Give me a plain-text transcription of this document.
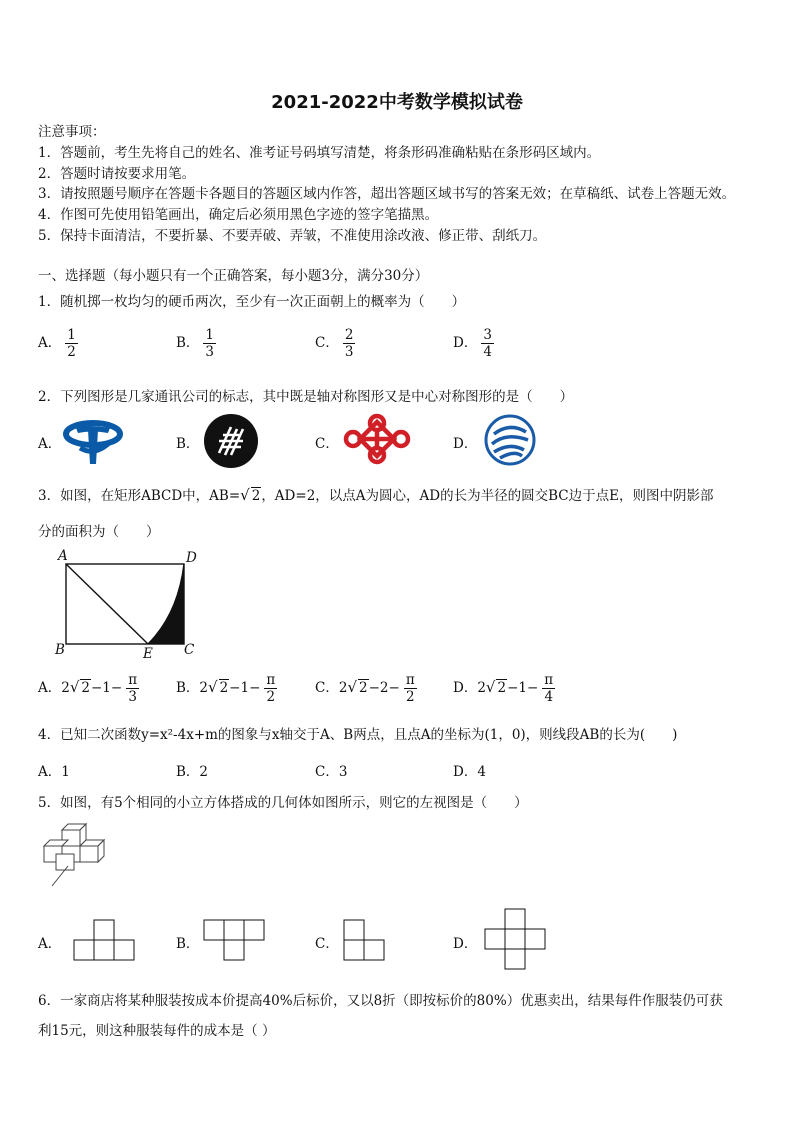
2021-2022中考数学模拟试卷
注意事项：
1．答题前，考生先将自己的姓名、准考证号码填写清楚，将条形码准确粘贴在条形码区域内。
2．答题时请按要求用笔。
3．请按照题号顺序在答题卡各题目的答题区域内作答，超出答题区域书写的答案无效；在草稿纸、试卷上答题无效。
4．作图可先使用铅笔画出，确定后必须用黑色字迹的签字笔描黑。
5．保持卡面清洁，不要折暴、不要弄破、弄皱，不准使用涂改液、修正带、刮纸刀。
一、选择题（每小题只有一个正确答案，每小题3分，满分30分）
1．随机掷一枚均匀的硬币两次，至少有一次正面朝上的概率为（　　）
A． $\frac{1}{2}$	B． $\frac{1}{3}$	C． $\frac{2}{3}$	D． $\frac{3}{4}$
2．下列图形是几家通讯公司的标志，其中既是轴对称图形又是中心对称图形的是（　　）
A．	B．	C．	D．
3．如图，在矩形ABCD中，AB=√ 2，AD=2，以点A为圆心，AD的长为半径的圆交BC边于点E，则图中阴影部
分的面积为（　　）
A	D
B	E C
A．2√ $2-1- \frac{\pi}{3}$	B．2√ $2-1- \frac{\pi}{2}$	C．2√ $2-2- \frac{\pi}{2}$	D．2√ $2-1- \frac{\pi}{4}$
4．已知二次函数y=x²-4x+m的图象与x轴交于A、B两点，且点A的坐标为(1，0)，则线段AB的长为(　　)
A．1	B．2	C．3	D．4
5．如图，有5个相同的小立方体搭成的几何体如图所示，则它的左视图是（　　）
A．	B．	C．	D．
6．一家商店将某种服装按成本价提高40%后标价，又以8折（即按标价的80%）优惠卖出，结果每件作服装仍可获
利15元，则这种服装每件的成本是（ ）
